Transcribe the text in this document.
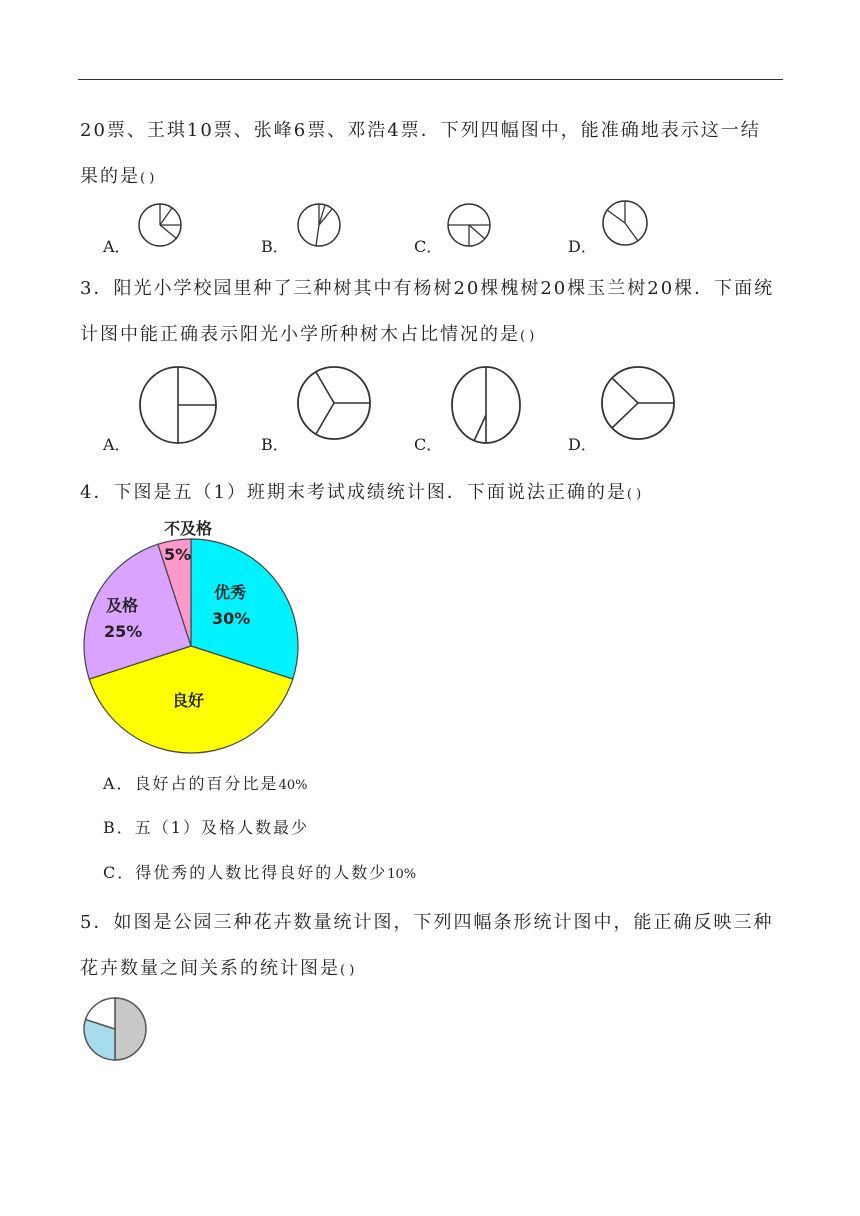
20票、王琪10票、张峰6票、邓浩4票．下列四幅图中，能准确地表示这一结
果的是( )
A．	B．	C．	D．
3．阳光小学校园里种了三种树其中有杨树20棵槐树20棵玉兰树20棵．下面统
计图中能正确表示阳光小学所种树木占比情况的是( )
A．	B．	C．	D．
4．下图是五（1）班期末考试成绩统计图．下面说法正确的是( )
不及格
5%
优秀
30%
及格
25%
良好
A．良好占的百分比是40%
B．五（1）及格人数最少
C．得优秀的人数比得良好的人数少10%
5．如图是公园三种花卉数量统计图，下列四幅条形统计图中，能正确反映三种
花卉数量之间关系的统计图是( )
